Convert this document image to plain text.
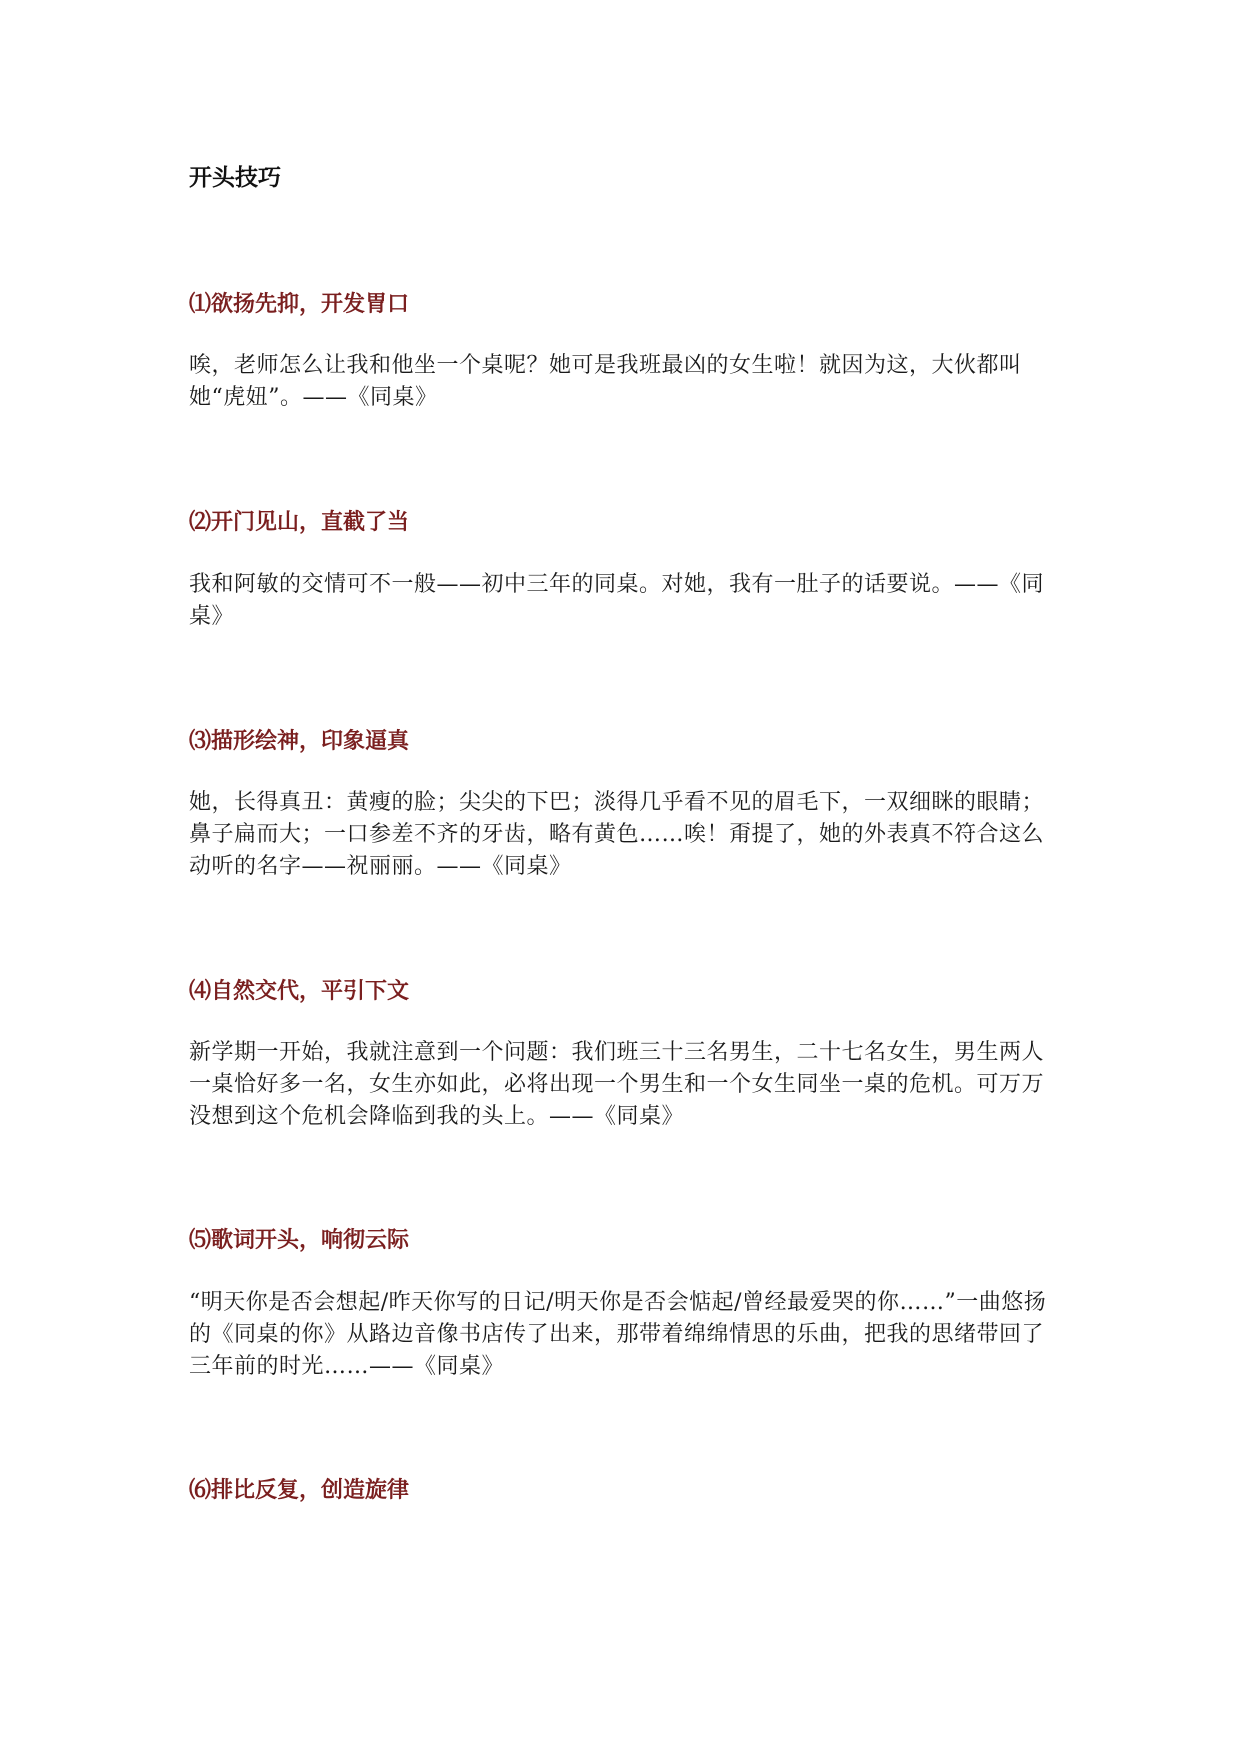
开头技巧
⑴欲扬先抑，开发胃口

唉，老师怎么让我和他坐一个桌呢？她可是我班最凶的女生啦！就因为这，大伙都叫她“虎妞”。——《同桌》

⑵开门见山，直截了当

我和阿敏的交情可不一般——初中三年的同桌。对她，我有一肚子的话要说。——《同桌》

⑶描形绘神，印象逼真

她，长得真丑：黄瘦的脸；尖尖的下巴；淡得几乎看不见的眉毛下，一双细眯的眼睛；鼻子扁而大；一口参差不齐的牙齿，略有黄色……唉！甭提了，她的外表真不符合这么动听的名字——祝丽丽。——《同桌》

⑷自然交代，平引下文

新学期一开始，我就注意到一个问题：我们班三十三名男生，二十七名女生，男生两人一桌恰好多一名，女生亦如此，必将出现一个男生和一个女生同坐一桌的危机。可万万没想到这个危机会降临到我的头上。——《同桌》

⑸歌词开头，响彻云际

“明天你是否会想起/昨天你写的日记/明天你是否会惦起/曾经最爱哭的你……”一曲悠扬的《同桌的你》从路边音像书店传了出来，那带着绵绵情思的乐曲，把我的思绪带回了三年前的时光……——《同桌》

⑹排比反复，创造旋律
